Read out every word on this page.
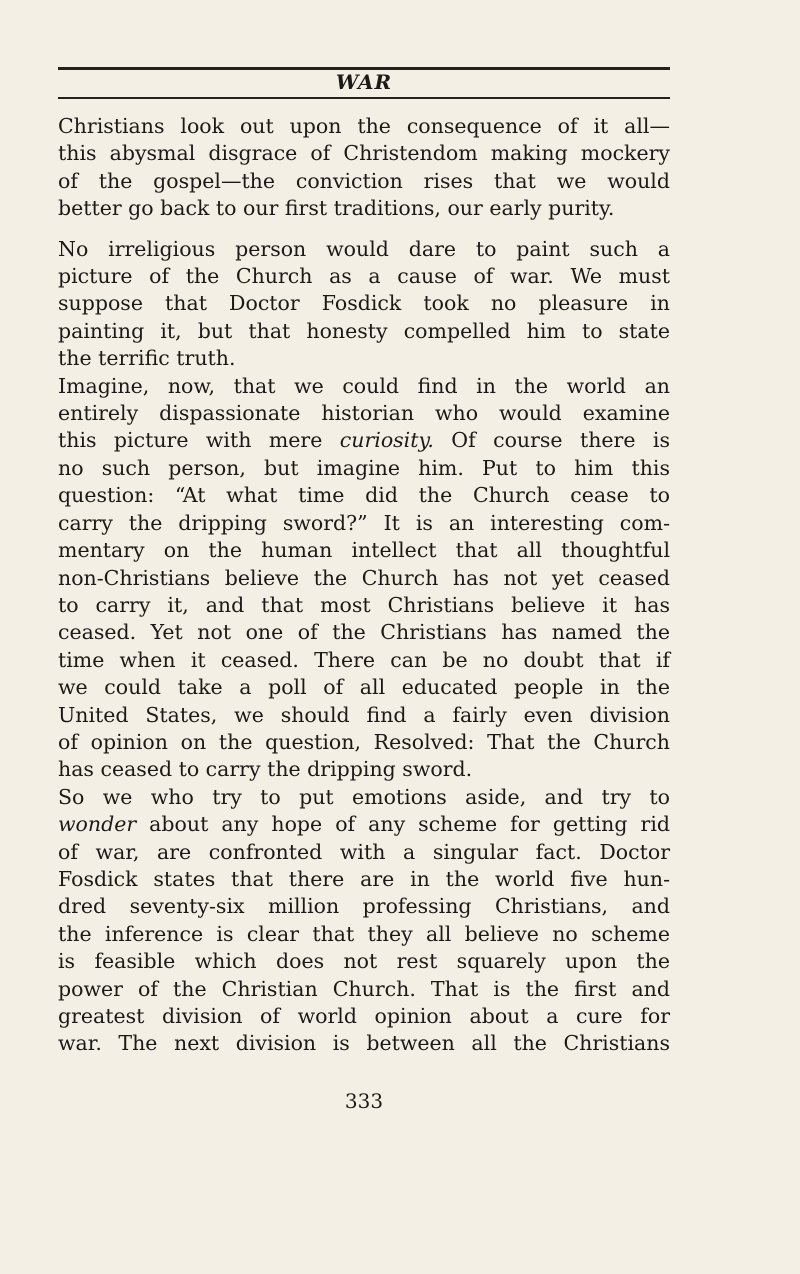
WAR

Christians look out upon the consequence of it all—

this abysmal disgrace of Christendom making mockery

of the gospel—the conviction rises that we would

better go back to our first traditions, our early purity.

No irreligious person would dare to paint such a

picture of the Church as a cause of war. We must

suppose that Doctor Fosdick took no pleasure in

painting it, but that honesty compelled him to state

the terrific truth.

Imagine, now, that we could find in the world an

entirely dispassionate historian who would examine

this picture with mere curiosity. Of course there is

no such person, but imagine him. Put to him this

question: “At what time did the Church cease to

carry the dripping sword?” It is an interesting com-

mentary on the human intellect that all thoughtful

non-Christians believe the Church has not yet ceased

to carry it, and that most Christians believe it has

ceased. Yet not one of the Christians has named the

time when it ceased. There can be no doubt that if

we could take a poll of all educated people in the

United States, we should find a fairly even division

of opinion on the question, Resolved: That the Church

has ceased to carry the dripping sword.

So we who try to put emotions aside, and try to

wonder about any hope of any scheme for getting rid

of war, are confronted with a singular fact. Doctor

Fosdick states that there are in the world five hun-

dred seventy-six million professing Christians, and

the inference is clear that they all believe no scheme

is feasible which does not rest squarely upon the

power of the Christian Church. That is the first and

greatest division of world opinion about a cure for

war. The next division is between all the Christians

333
